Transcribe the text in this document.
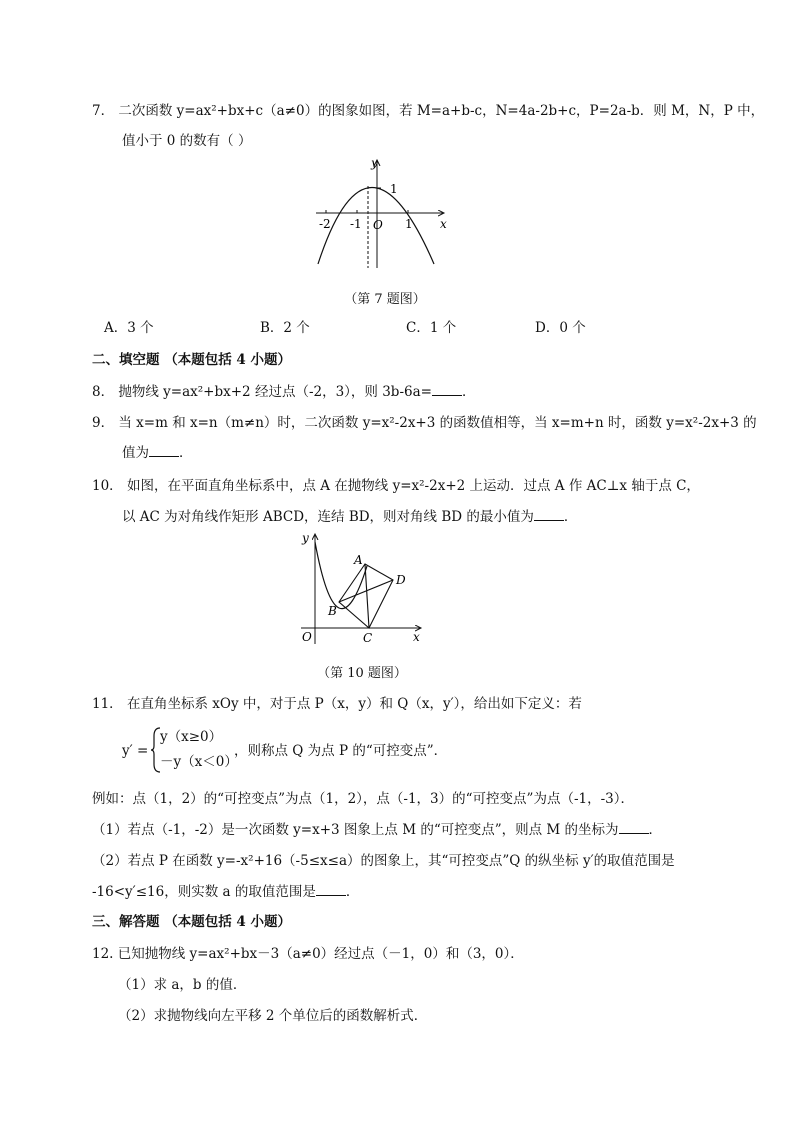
7． 二次函数 y=ax²+bx+c（a≠0）的图象如图，若 M=a+b-c，N=4a-2b+c，P=2a-b．则 M，N，P 中，
值小于 0 的数有（ ）
y
x
O
-2 -1	1
1
（第 7 题图）
A．3 个	B．2 个	C．1 个	D．0 个
二、填空题 （本题包括 4 小题）
8． 抛物线 y=ax²+bx+2 经过点（-2，3），则 3b-6a= ．
9． 当 x=m 和 x=n（m≠n）时，二次函数 y=x²-2x+3 的函数值相等，当 x=m+n 时，函数 y=x²-2x+3 的
值为 ．
10． 如图，在平面直角坐标系中，点 A 在抛物线 y=x²-2x+2 上运动．过点 A 作 AC⊥x 轴于点 C，
以 AC 为对角线作矩形 ABCD，连结 BD，则对角线 BD 的最小值为 ．
y
x
O
A
B
C
D
（第 10 题图）
11． 在直角坐标系 xOy 中，对于点 P（x，y）和 Q（x，y′），给出如下定义：若
y′ =
y（x≥0）
－y（x＜0）
，则称点 Q 为点 P 的“可控变点”．
例如：点（1，2）的“可控变点”为点（1，2），点（-1，3）的“可控变点”为点（-1，-3）．
（1）若点（-1，-2）是一次函数 y=x+3 图象上点 M 的“可控变点”，则点 M 的坐标为 ．
（2）若点 P 在函数 y=-x²+16（-5≤x≤a）的图象上，其“可控变点”Q 的纵坐标 y′的取值范围是
-16<y′≤16，则实数 a 的取值范围是 ．
三、解答题 （本题包括 4 小题）
12. 已知抛物线 y=ax²+bx－3（a≠0）经过点（－1，0）和（3，0）．
（1）求 a，b 的值．
（2）求抛物线向左平移 2 个单位后的函数解析式．
